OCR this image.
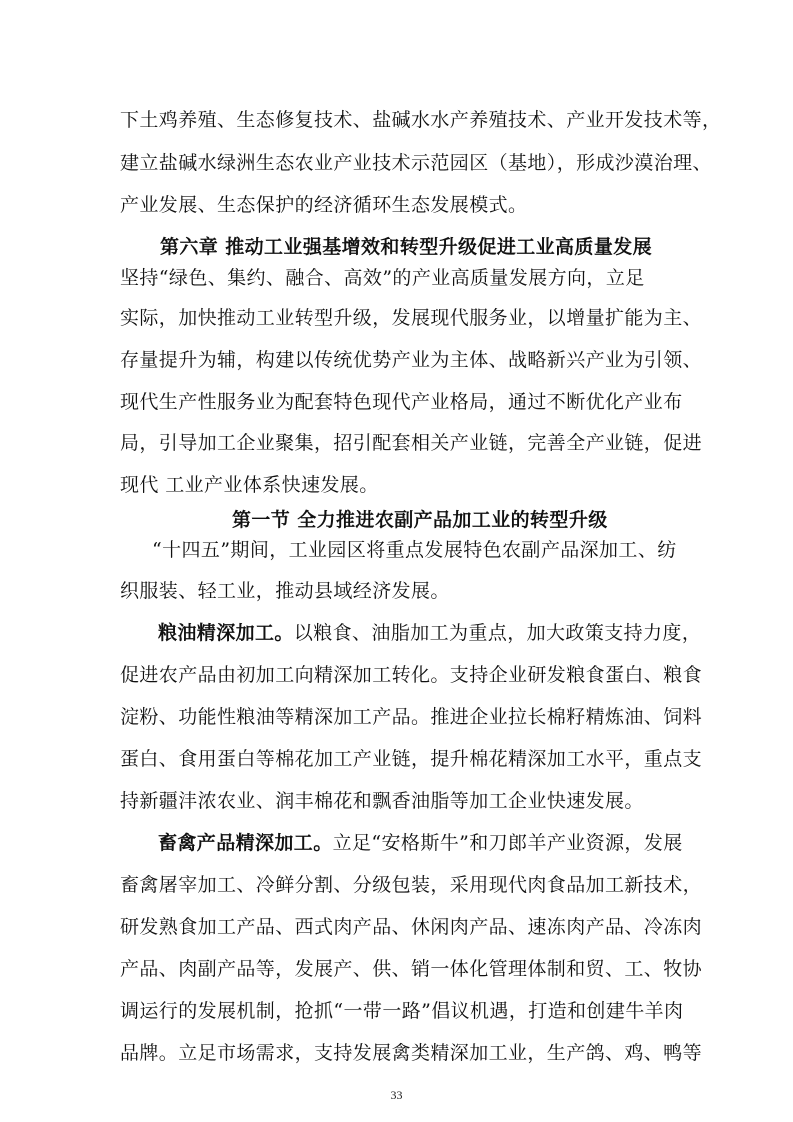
下土鸡养殖、生态修复技术、盐碱水水产养殖技术、产业开发技术等，
建立盐碱水绿洲生态农业产业技术示范园区（基地），形成沙漠治理、
产业发展、生态保护的经济循环生态发展模式。
第六章 推动工业强基增效和转型升级促进工业高质量发展
坚持“绿色、集约、融合、高效”的产业高质量发展方向，立足
实际，加快推动工业转型升级，发展现代服务业，以增量扩能为主、
存量提升为辅，构建以传统优势产业为主体、战略新兴产业为引领、
现代生产性服务业为配套特色现代产业格局，通过不断优化产业布
局，引导加工企业聚集，招引配套相关产业链，完善全产业链，促进
现代 工业产业体系快速发展。
第一节 全力推进农副产品加工业的转型升级
“十四五”期间，工业园区将重点发展特色农副产品深加工、纺
织服装、轻工业，推动县域经济发展。
粮油精深加工。以粮食、油脂加工为重点，加大政策支持力度，
促进农产品由初加工向精深加工转化。支持企业研发粮食蛋白、粮食
淀粉、功能性粮油等精深加工产品。推进企业拉长棉籽精炼油、饲料
蛋白、食用蛋白等棉花加工产业链，提升棉花精深加工水平，重点支
持新疆沣浓农业、润丰棉花和飘香油脂等加工企业快速发展。
畜禽产品精深加工。立足“安格斯牛”和刀郎羊产业资源，发展
畜禽屠宰加工、冷鲜分割、分级包装，采用现代肉食品加工新技术，
研发熟食加工产品、西式肉产品、休闲肉产品、速冻肉产品、冷冻肉
产品、肉副产品等，发展产、供、销一体化管理体制和贸、工、牧协
调运行的发展机制，抢抓“一带一路”倡议机遇，打造和创建牛羊肉
品牌。立足市场需求，支持发展禽类精深加工业，生产鸽、鸡、鸭等
33
